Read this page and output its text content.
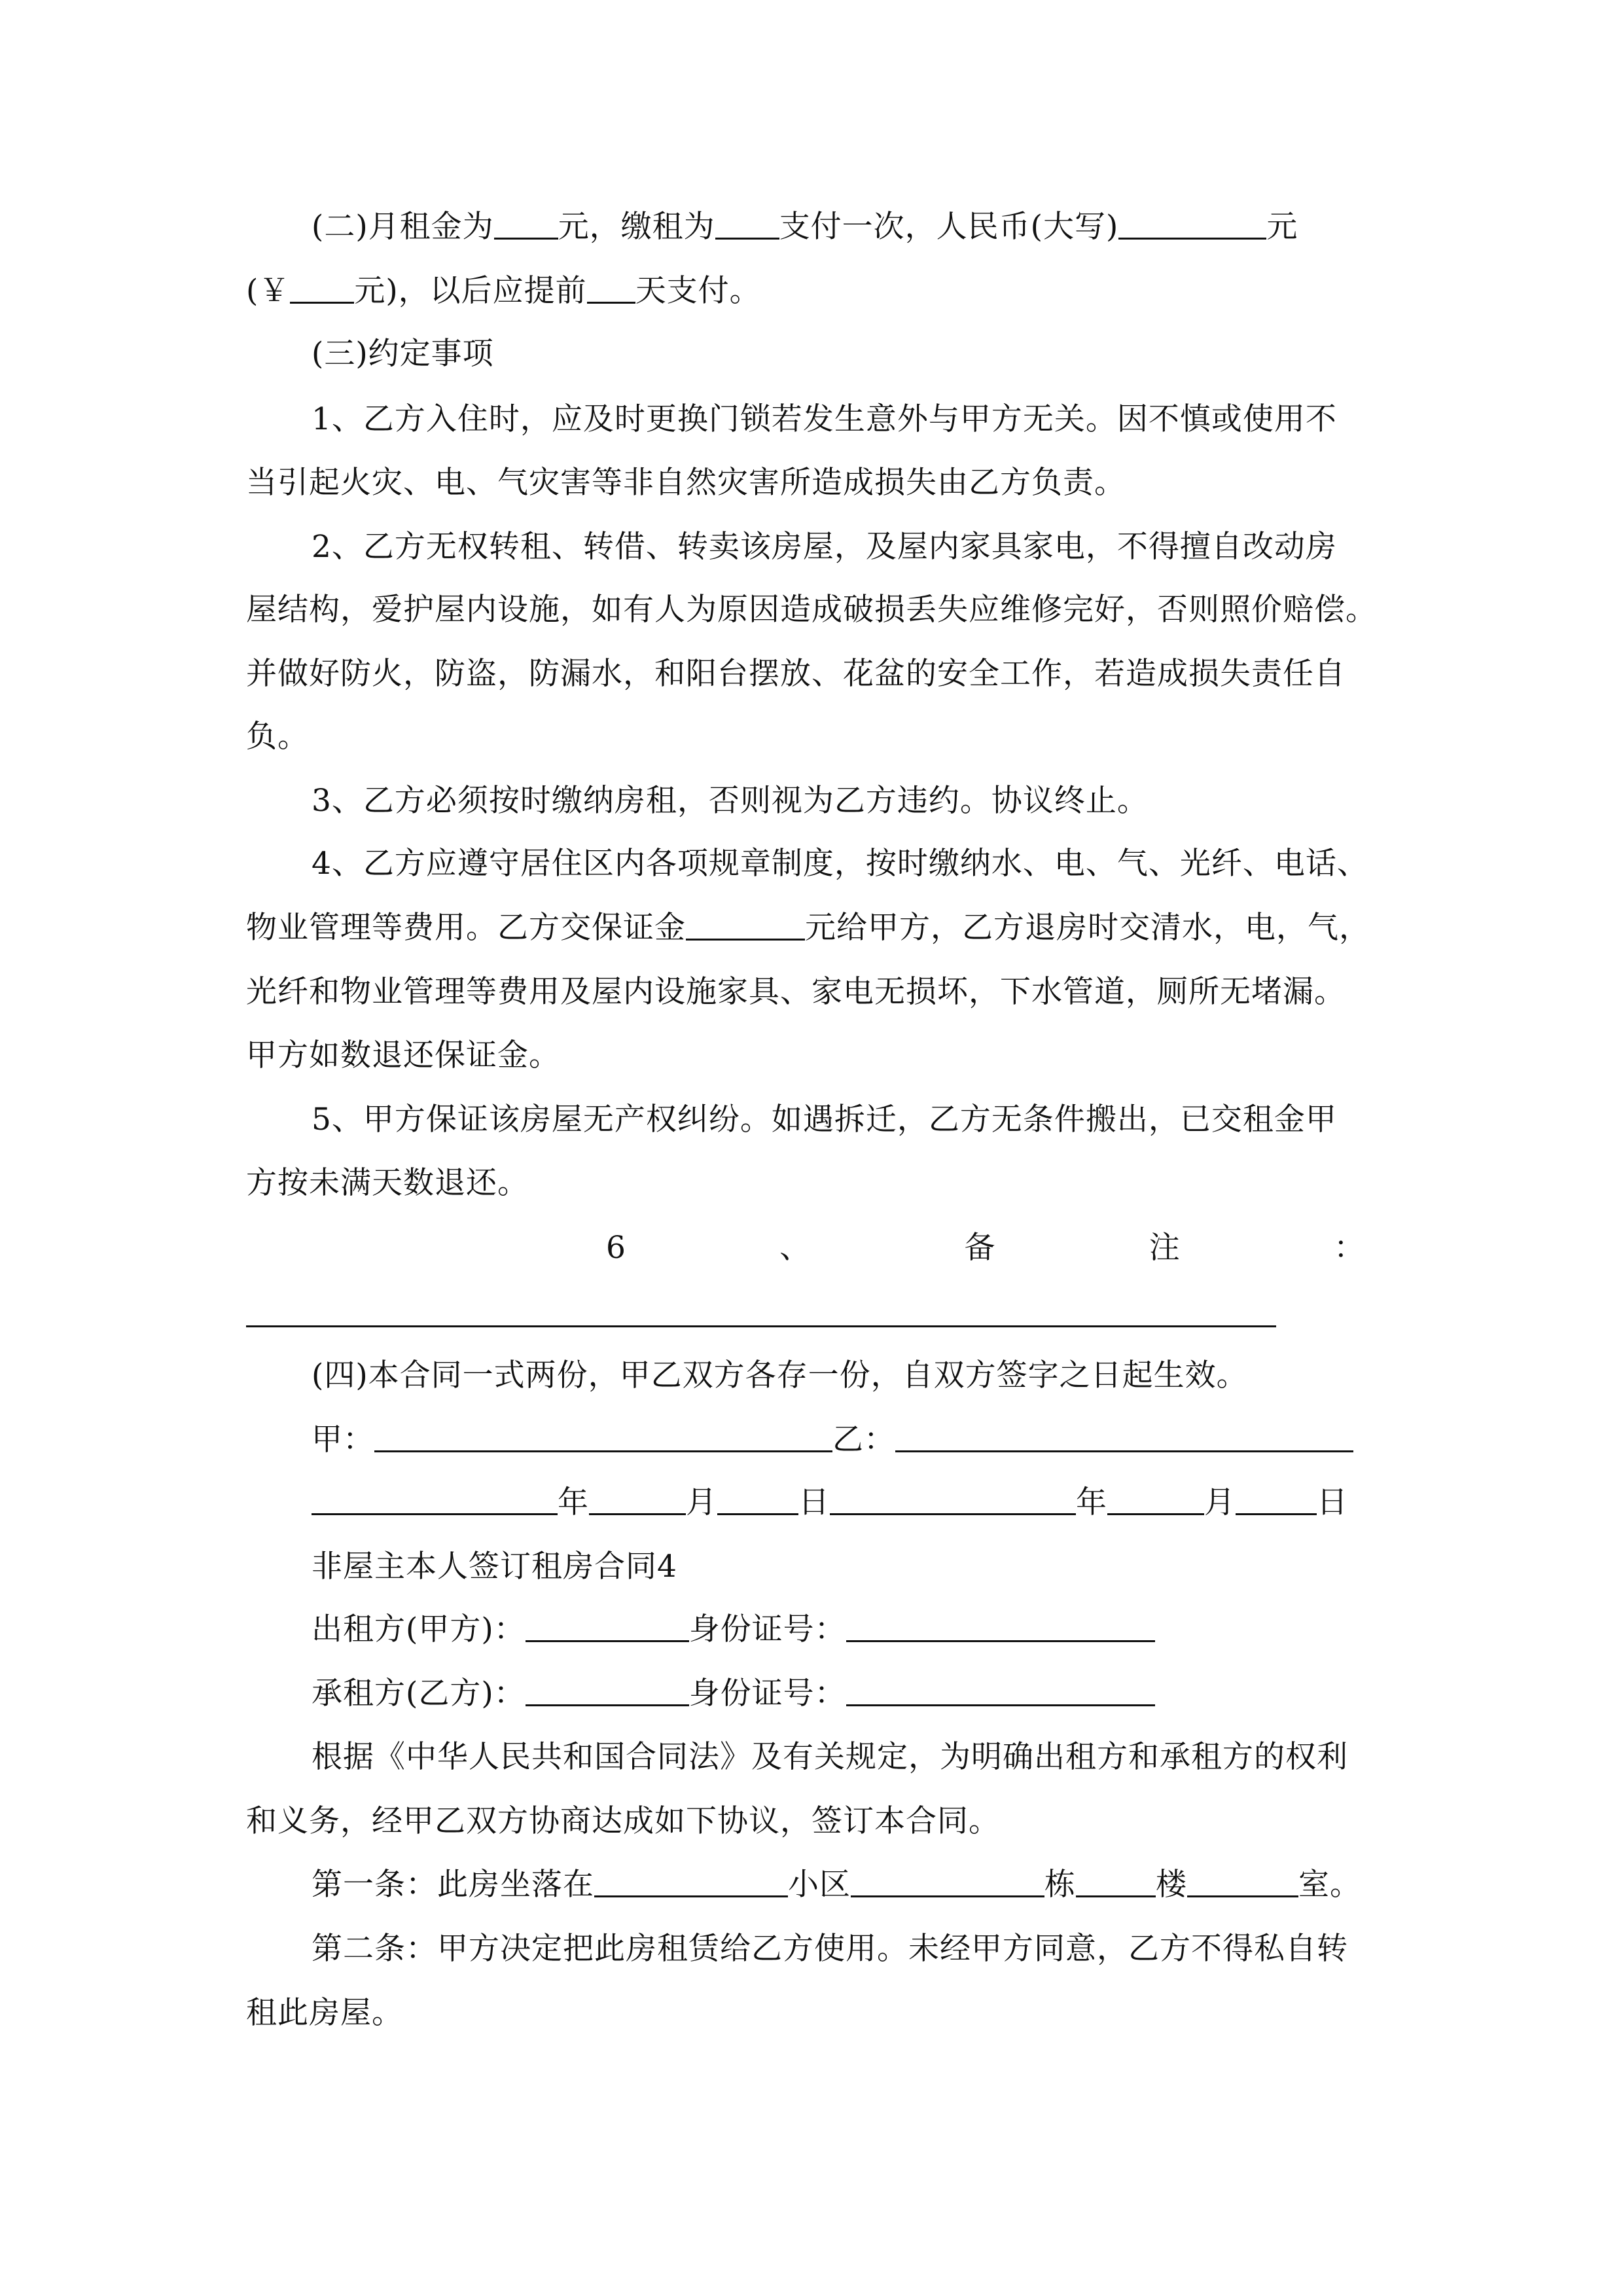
(二)月租金为 元，缴租为 支付一次，人民币(大写)	元
(￥ 元)，以后应提前 天支付。
(三)约定事项
1、乙方入住时，应及时更换门锁若发生意外与甲方无关。因不慎或使用不
当引起火灾、电、气灾害等非自然灾害所造成损失由乙方负责。
2、乙方无权转租、转借、转卖该房屋，及屋内家具家电，不得擅自改动房
屋结构，爱护屋内设施，如有人为原因造成破损丢失应维修完好，否则照价赔偿。
并做好防火，防盗，防漏水，和阳台摆放、花盆的安全工作，若造成损失责任自
负。
3、乙方必须按时缴纳房租，否则视为乙方违约。协议终止。
4、乙方应遵守居住区内各项规章制度，按时缴纳水、电、气、光纤、电话、
物业管理等费用。乙方交保证金	元给甲方，乙方退房时交清水，电，气，
光纤和物业管理等费用及屋内设施家具、家电无损坏，下水管道，厕所无堵漏。
甲方如数退还保证金。
5、甲方保证该房屋无产权纠纷。如遇拆迁，乙方无条件搬出，已交租金甲
方按未满天数退还。
6	、	备	注	：
(四)本合同一式两份，甲乙双方各存一份，自双方签字之日起生效。
甲：	乙：
年	月	日	年	月	日
非屋主本人签订租房合同4
出租方(甲方)：	身份证号：
承租方(乙方)：	身份证号：
根据《中华人民共和国合同法》及有关规定，为明确出租方和承租方的权利
和义务，经甲乙双方协商达成如下协议，签订本合同。
第一条：此房坐落在	小区	栋	楼	室。
第二条：甲方决定把此房租赁给乙方使用。未经甲方同意，乙方不得私自转
租此房屋。
